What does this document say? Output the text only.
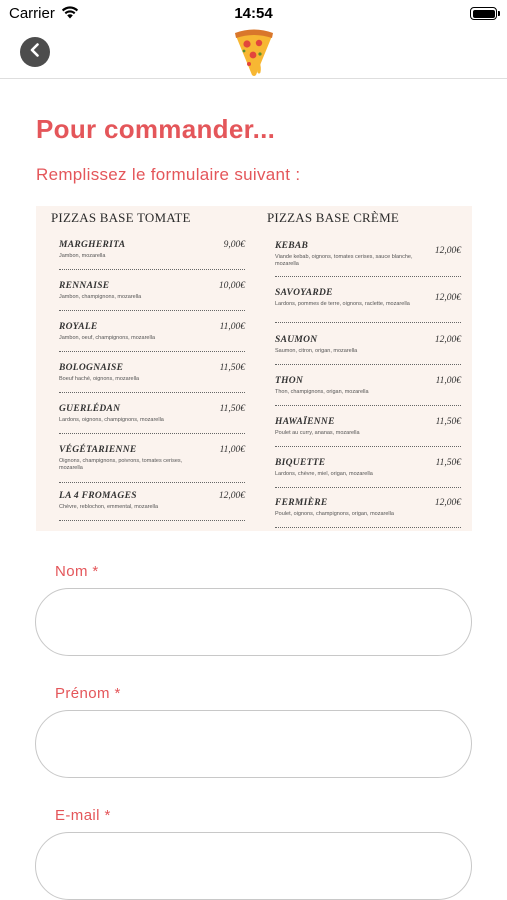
Carrier	14:54
Pour commander...
Remplissez le formulaire suivant :
PIZZAS BASE TOMATE
MARGHERITA	9,00€
Jambon, mozarella
RENNAISE	10,00€
Jambon, champignons, mozarella
ROYALE	11,00€
Jambon, oeuf, champignons, mozarella
BOLOGNAISE	11,50€
Boeuf haché, oignons, mozarella
GUERLÉDAN	11,50€
Lardons, oignons, champignons, mozarella
VÉGÉTARIENNE	11,00€
Oignons, champignons, poivrons, tomates cerises, mozarella
LA 4 FROMAGES	12,00€
Chèvre, reblochon, emmental, mozarella
PIZZAS BASE CRÈME
KEBAB	12,00€
Viande kebab, oignons, tomates cerises, sauce blanche, mozarella
SAVOYARDE	12,00€
Lardons, pommes de terre, oignons, raclette, mozarella
SAUMON	12,00€
Saumon, citron, origan, mozarella
THON	11,00€
Thon, champignons, origan, mozarella
HAWAÏENNE	11,50€
Poulet au curry, ananas, mozarella
BIQUETTE	11,50€
Lardons, chèvre, miel, origan, mozarella
FERMIÈRE	12,00€
Poulet, oignons, champignons, origan, mozarella
Nom *
Prénom *
E-mail *
